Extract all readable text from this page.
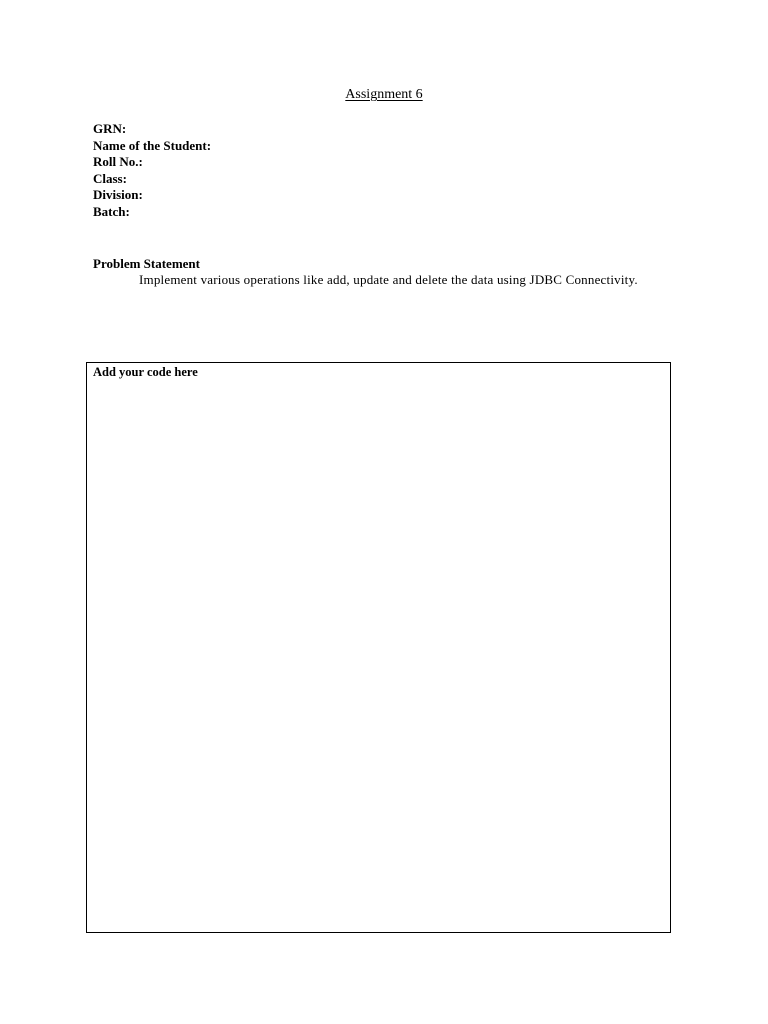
Assignment 6
GRN:
Name of the Student:
Roll No.:
Class:
Division:
Batch:
Problem Statement
Implement various operations like add, update and delete the data using JDBC Connectivity.
Add your code here
